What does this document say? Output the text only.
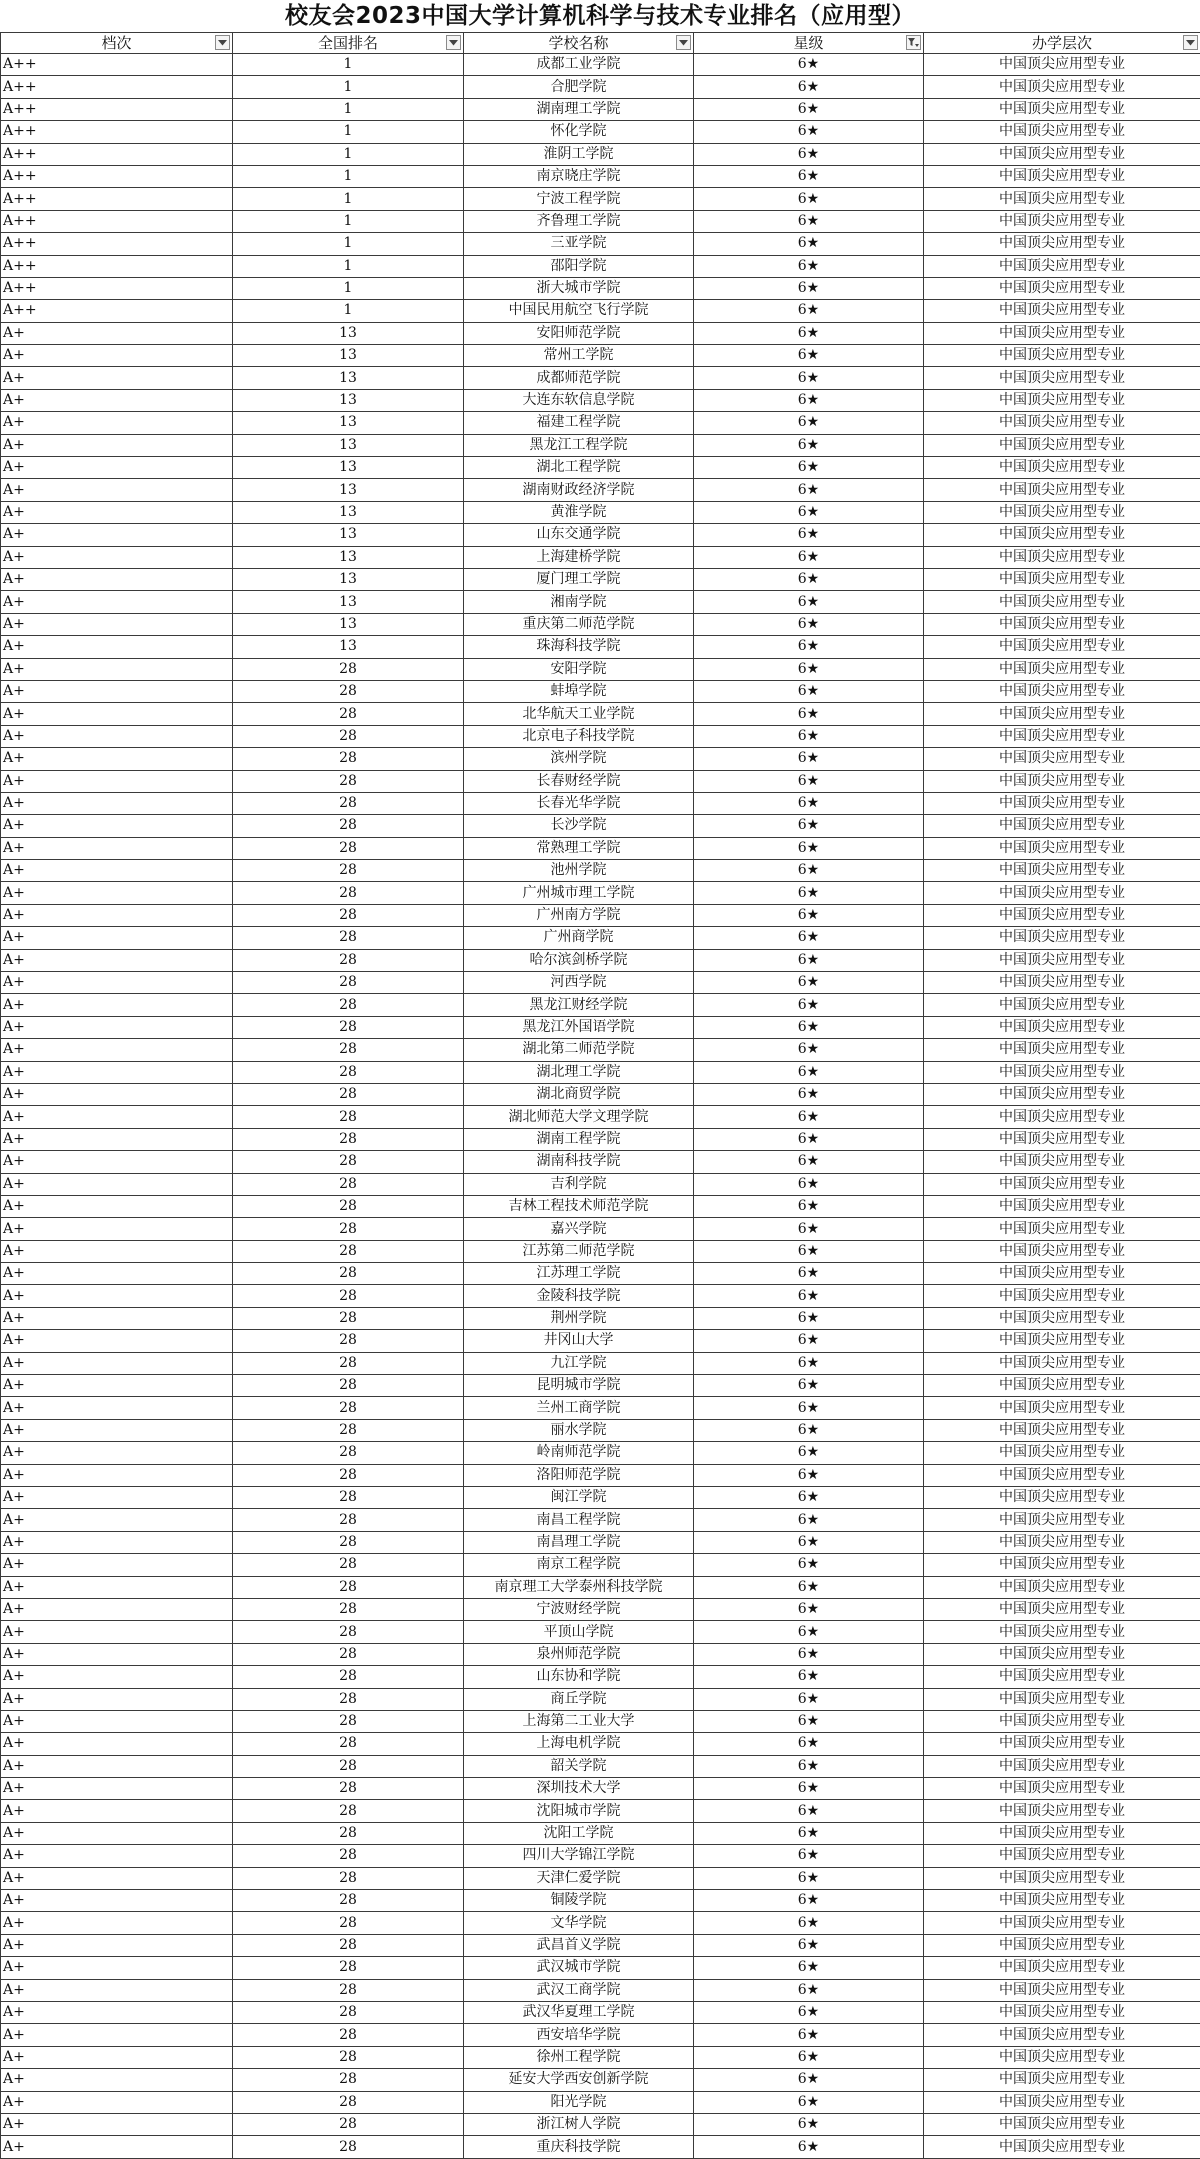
校友会2023中国大学计算机科学与技术专业排名（应用型）
档次	全国排名	学校名称	星级	办学层次

A++	1	成都工业学院	6★	中国顶尖应用型专业
A++	1	合肥学院	6★	中国顶尖应用型专业
A++	1	湖南理工学院	6★	中国顶尖应用型专业
A++	1	怀化学院	6★	中国顶尖应用型专业
A++	1	淮阴工学院	6★	中国顶尖应用型专业
A++	1	南京晓庄学院	6★	中国顶尖应用型专业
A++	1	宁波工程学院	6★	中国顶尖应用型专业
A++	1	齐鲁理工学院	6★	中国顶尖应用型专业
A++	1	三亚学院	6★	中国顶尖应用型专业
A++	1	邵阳学院	6★	中国顶尖应用型专业
A++	1	浙大城市学院	6★	中国顶尖应用型专业
A++	1	中国民用航空飞行学院	6★	中国顶尖应用型专业
A+	13	安阳师范学院	6★	中国顶尖应用型专业
A+	13	常州工学院	6★	中国顶尖应用型专业
A+	13	成都师范学院	6★	中国顶尖应用型专业
A+	13	大连东软信息学院	6★	中国顶尖应用型专业
A+	13	福建工程学院	6★	中国顶尖应用型专业
A+	13	黑龙江工程学院	6★	中国顶尖应用型专业
A+	13	湖北工程学院	6★	中国顶尖应用型专业
A+	13	湖南财政经济学院	6★	中国顶尖应用型专业
A+	13	黄淮学院	6★	中国顶尖应用型专业
A+	13	山东交通学院	6★	中国顶尖应用型专业
A+	13	上海建桥学院	6★	中国顶尖应用型专业
A+	13	厦门理工学院	6★	中国顶尖应用型专业
A+	13	湘南学院	6★	中国顶尖应用型专业
A+	13	重庆第二师范学院	6★	中国顶尖应用型专业
A+	13	珠海科技学院	6★	中国顶尖应用型专业
A+	28	安阳学院	6★	中国顶尖应用型专业
A+	28	蚌埠学院	6★	中国顶尖应用型专业
A+	28	北华航天工业学院	6★	中国顶尖应用型专业
A+	28	北京电子科技学院	6★	中国顶尖应用型专业
A+	28	滨州学院	6★	中国顶尖应用型专业
A+	28	长春财经学院	6★	中国顶尖应用型专业
A+	28	长春光华学院	6★	中国顶尖应用型专业
A+	28	长沙学院	6★	中国顶尖应用型专业
A+	28	常熟理工学院	6★	中国顶尖应用型专业
A+	28	池州学院	6★	中国顶尖应用型专业
A+	28	广州城市理工学院	6★	中国顶尖应用型专业
A+	28	广州南方学院	6★	中国顶尖应用型专业
A+	28	广州商学院	6★	中国顶尖应用型专业
A+	28	哈尔滨剑桥学院	6★	中国顶尖应用型专业
A+	28	河西学院	6★	中国顶尖应用型专业
A+	28	黑龙江财经学院	6★	中国顶尖应用型专业
A+	28	黑龙江外国语学院	6★	中国顶尖应用型专业
A+	28	湖北第二师范学院	6★	中国顶尖应用型专业
A+	28	湖北理工学院	6★	中国顶尖应用型专业
A+	28	湖北商贸学院	6★	中国顶尖应用型专业
A+	28	湖北师范大学文理学院	6★	中国顶尖应用型专业
A+	28	湖南工程学院	6★	中国顶尖应用型专业
A+	28	湖南科技学院	6★	中国顶尖应用型专业
A+	28	吉利学院	6★	中国顶尖应用型专业
A+	28	吉林工程技术师范学院	6★	中国顶尖应用型专业
A+	28	嘉兴学院	6★	中国顶尖应用型专业
A+	28	江苏第二师范学院	6★	中国顶尖应用型专业
A+	28	江苏理工学院	6★	中国顶尖应用型专业
A+	28	金陵科技学院	6★	中国顶尖应用型专业
A+	28	荆州学院	6★	中国顶尖应用型专业
A+	28	井冈山大学	6★	中国顶尖应用型专业
A+	28	九江学院	6★	中国顶尖应用型专业
A+	28	昆明城市学院	6★	中国顶尖应用型专业
A+	28	兰州工商学院	6★	中国顶尖应用型专业
A+	28	丽水学院	6★	中国顶尖应用型专业
A+	28	岭南师范学院	6★	中国顶尖应用型专业
A+	28	洛阳师范学院	6★	中国顶尖应用型专业
A+	28	闽江学院	6★	中国顶尖应用型专业
A+	28	南昌工程学院	6★	中国顶尖应用型专业
A+	28	南昌理工学院	6★	中国顶尖应用型专业
A+	28	南京工程学院	6★	中国顶尖应用型专业
A+	28	南京理工大学泰州科技学院	6★	中国顶尖应用型专业
A+	28	宁波财经学院	6★	中国顶尖应用型专业
A+	28	平顶山学院	6★	中国顶尖应用型专业
A+	28	泉州师范学院	6★	中国顶尖应用型专业
A+	28	山东协和学院	6★	中国顶尖应用型专业
A+	28	商丘学院	6★	中国顶尖应用型专业
A+	28	上海第二工业大学	6★	中国顶尖应用型专业
A+	28	上海电机学院	6★	中国顶尖应用型专业
A+	28	韶关学院	6★	中国顶尖应用型专业
A+	28	深圳技术大学	6★	中国顶尖应用型专业
A+	28	沈阳城市学院	6★	中国顶尖应用型专业
A+	28	沈阳工学院	6★	中国顶尖应用型专业
A+	28	四川大学锦江学院	6★	中国顶尖应用型专业
A+	28	天津仁爱学院	6★	中国顶尖应用型专业
A+	28	铜陵学院	6★	中国顶尖应用型专业
A+	28	文华学院	6★	中国顶尖应用型专业
A+	28	武昌首义学院	6★	中国顶尖应用型专业
A+	28	武汉城市学院	6★	中国顶尖应用型专业
A+	28	武汉工商学院	6★	中国顶尖应用型专业
A+	28	武汉华夏理工学院	6★	中国顶尖应用型专业
A+	28	西安培华学院	6★	中国顶尖应用型专业
A+	28	徐州工程学院	6★	中国顶尖应用型专业
A+	28	延安大学西安创新学院	6★	中国顶尖应用型专业
A+	28	阳光学院	6★	中国顶尖应用型专业
A+	28	浙江树人学院	6★	中国顶尖应用型专业
A+	28	重庆科技学院	6★	中国顶尖应用型专业
